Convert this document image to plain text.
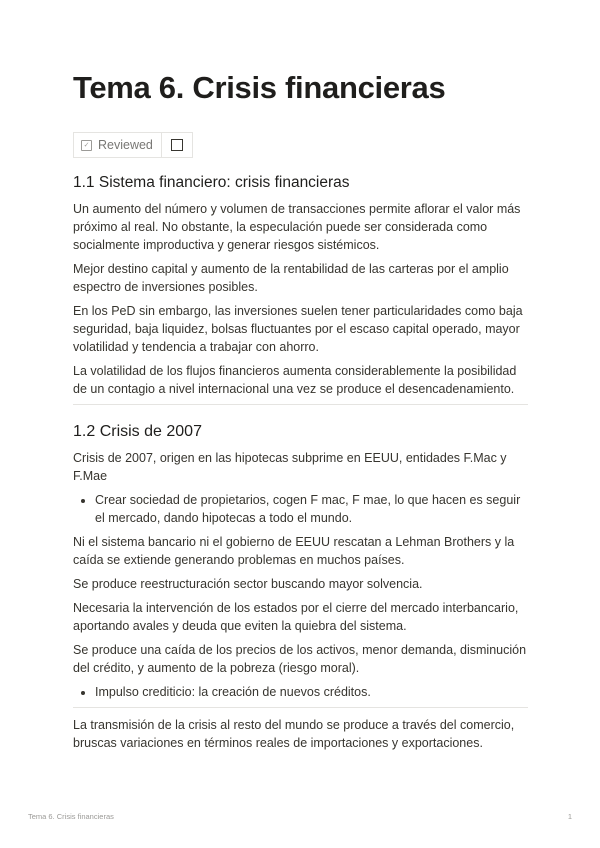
Tema 6. Crisis financieras
✓ Reviewed
1.1 Sistema financiero: crisis financieras

Un aumento del número y volumen de transacciones permite aflorar el valor más próximo al real. No obstante, la especulación puede ser considerada como socialmente improductiva y generar riesgos sistémicos.

Mejor destino capital y aumento de la rentabilidad de las carteras por el amplio espectro de inversiones posibles.

En los PeD sin embargo, las inversiones suelen tener particularidades como baja seguridad, baja liquidez, bolsas fluctuantes por el escaso capital operado, mayor volatilidad y tendencia a trabajar con ahorro.

La volatilidad de los flujos financieros aumenta considerablemente la posibilidad de un contagio a nivel internacional una vez se produce el desencadenamiento.

1.2 Crisis de 2007

Crisis de 2007, origen en las hipotecas subprime en EEUU, entidades F.Mac y F.Mae

• Crear sociedad de propietarios, cogen F mac, F mae, lo que hacen es seguir el mercado, dando hipotecas a todo el mundo.

Ni el sistema bancario ni el gobierno de EEUU rescatan a Lehman Brothers y la caída se extiende generando problemas en muchos países.

Se produce reestructuración sector buscando mayor solvencia.

Necesaria la intervención de los estados por el cierre del mercado interbancario, aportando avales y deuda que eviten la quiebra del sistema.

Se produce una caída de los precios de los activos, menor demanda, disminución del crédito, y aumento de la pobreza (riesgo moral).

• Impulso crediticio: la creación de nuevos créditos.

La transmisión de la crisis al resto del mundo se produce a través del comercio, bruscas variaciones en términos reales de importaciones y exportaciones.

Tema 6. Crisis financieras	1
